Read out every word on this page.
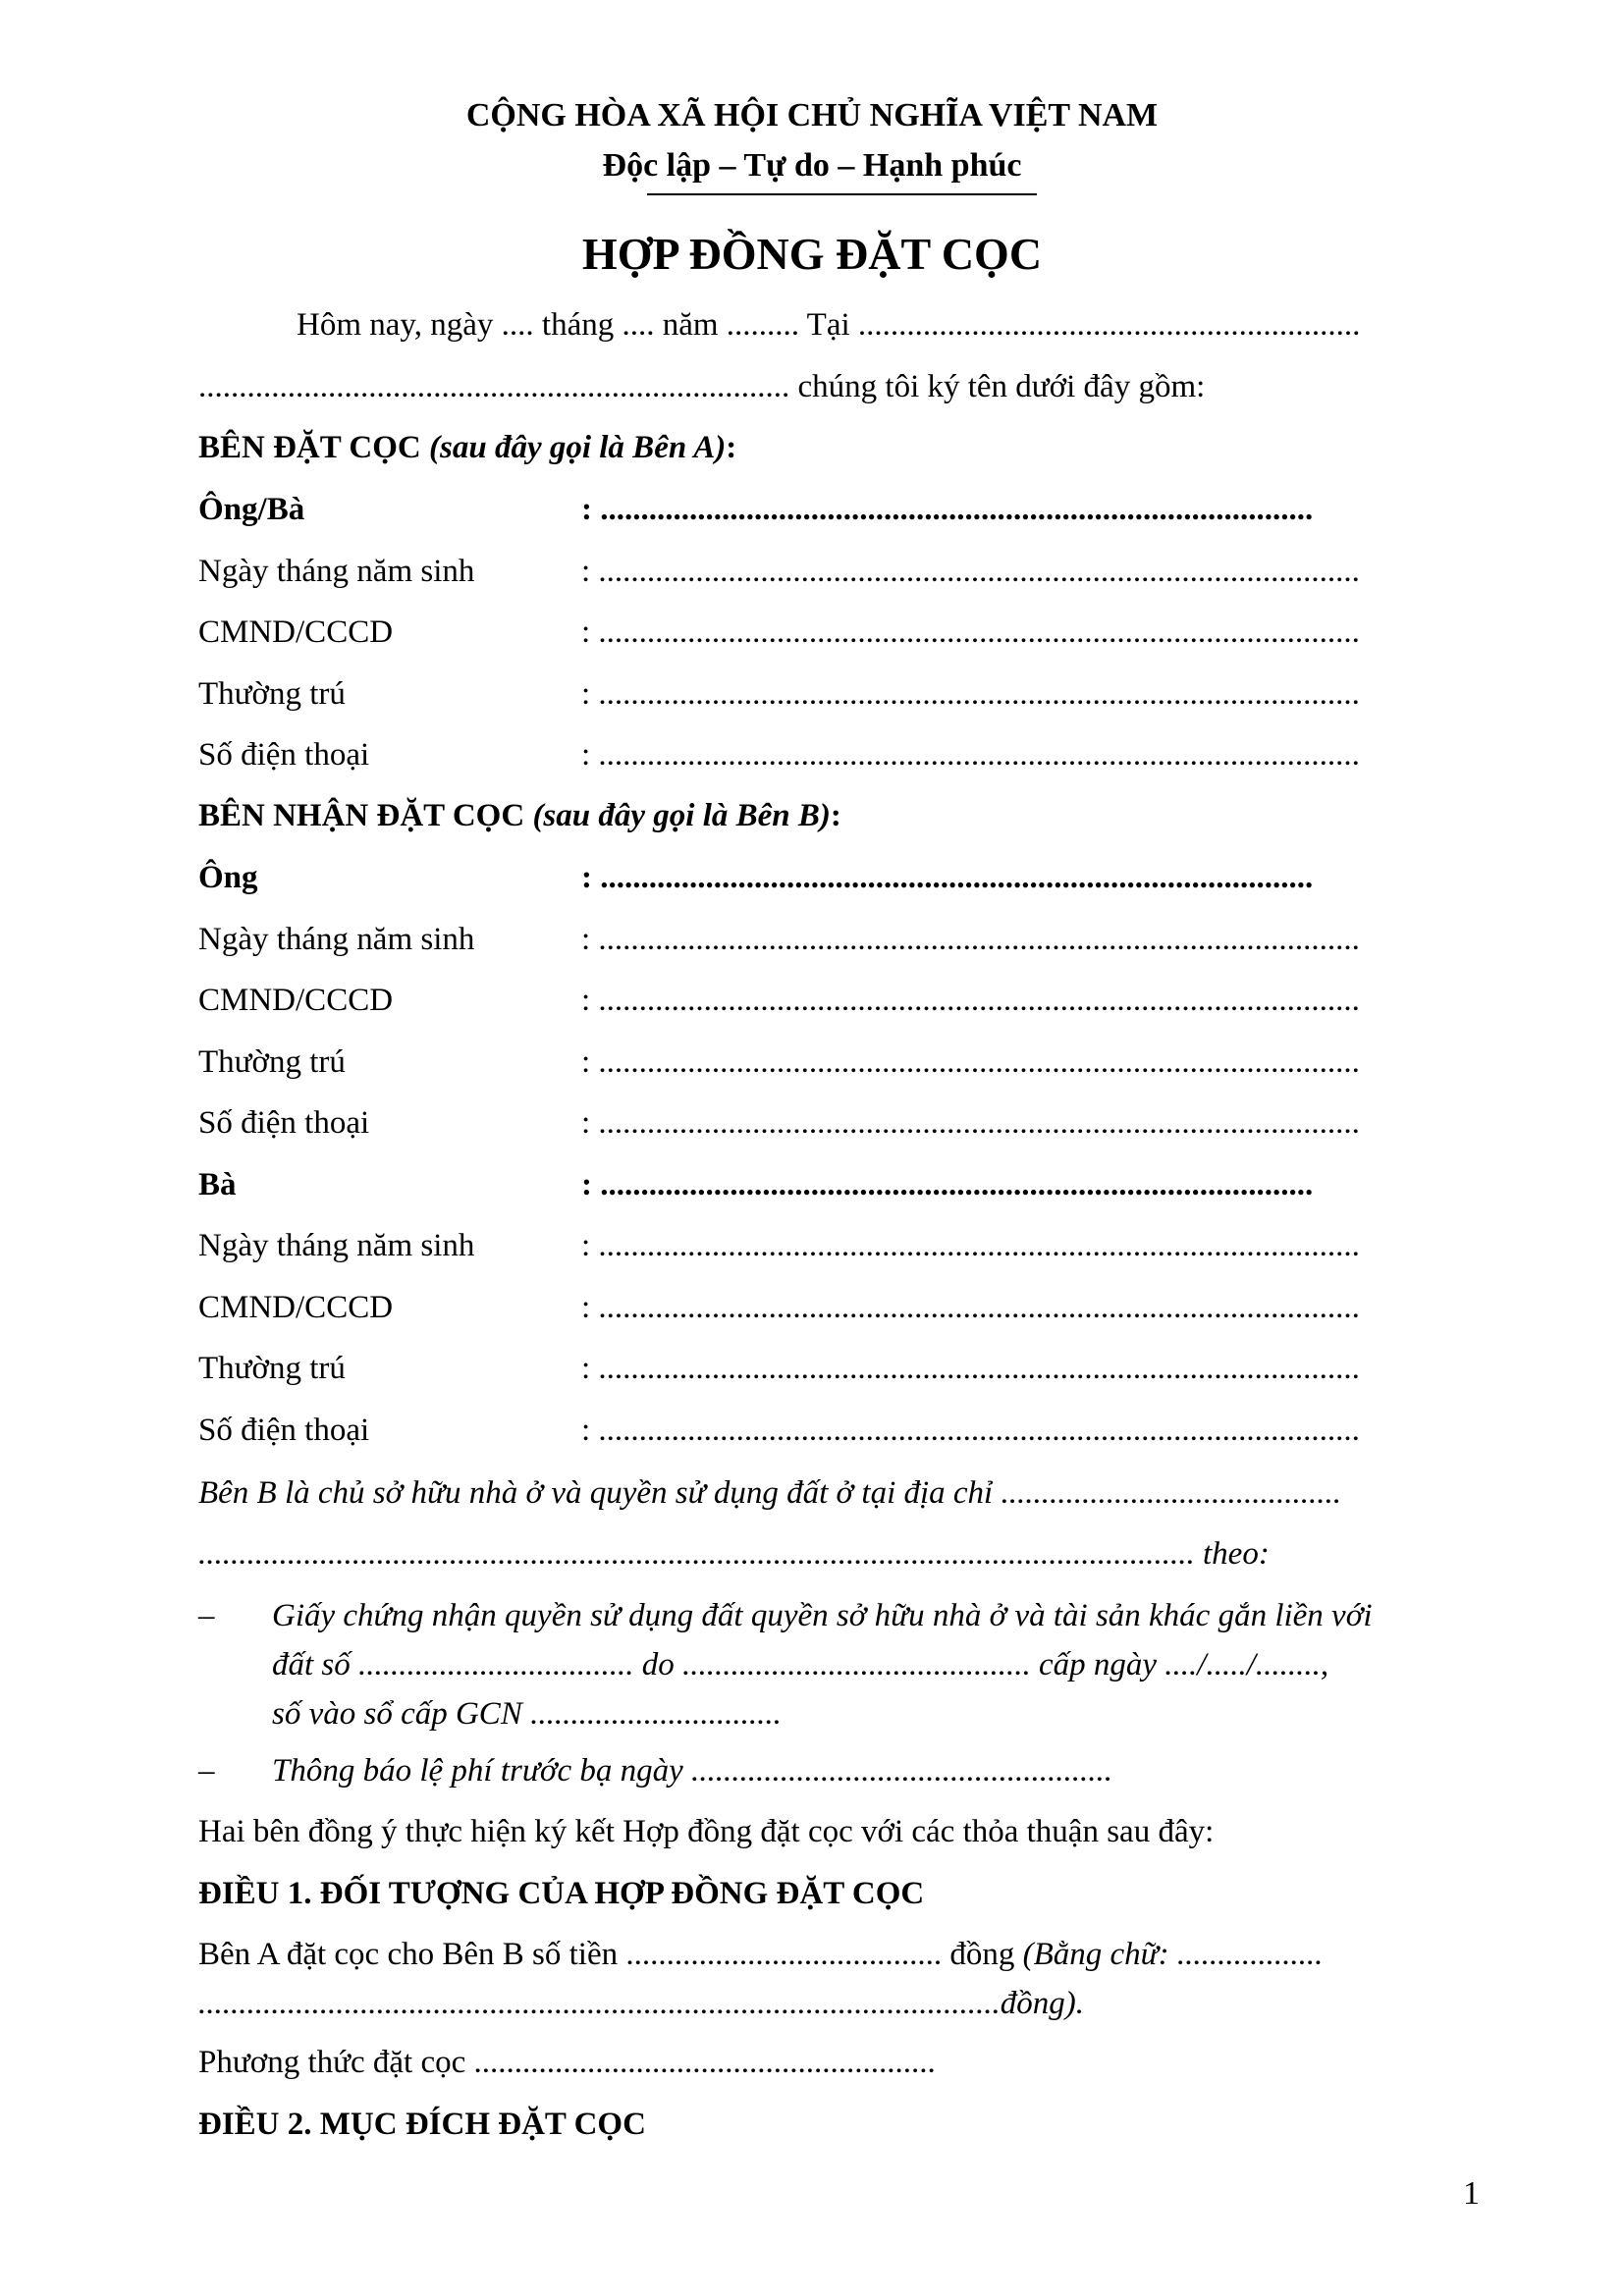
CỘNG HÒA XÃ HỘI CHỦ NGHĨA VIỆT NAM
Độc lập – Tự do – Hạnh phúc
HỢP ĐỒNG ĐẶT CỌC
Hôm nay, ngày .... tháng .... năm ......... Tại ..............................................................
......................................................................... chúng tôi ký tên dưới đây gồm:
BÊN ĐẶT CỌC (sau đây gọi là Bên A):
Ông/Bà	: ........................................................................................
Ngày tháng năm sinh	: ..............................................................................................
CMND/CCCD	: ..............................................................................................
Thường trú	: ..............................................................................................
Số điện thoại	: ..............................................................................................
BÊN NHẬN ĐẶT CỌC (sau đây gọi là Bên B):
Ông	: ........................................................................................
Ngày tháng năm sinh	: ..............................................................................................
CMND/CCCD	: ..............................................................................................
Thường trú	: ..............................................................................................
Số điện thoại	: ..............................................................................................
Bà	: ........................................................................................
Ngày tháng năm sinh	: ..............................................................................................
CMND/CCCD	: ..............................................................................................
Thường trú	: ..............................................................................................
Số điện thoại	: ..............................................................................................
Bên B là chủ sở hữu nhà ở và quyền sử dụng đất ở tại địa chỉ ..........................................
........................................................................................................................... theo:
– Giấy chứng nhận quyền sử dụng đất quyền sở hữu nhà ở và tài sản khác gắn liền với
đất số .................................. do ........................................... cấp ngày ..../...../........,
số vào sổ cấp GCN ...............................
– Thông báo lệ phí trước bạ ngày ....................................................
Hai bên đồng ý thực hiện ký kết Hợp đồng đặt cọc với các thỏa thuận sau đây:
ĐIỀU 1. ĐỐI TƯỢNG CỦA HỢP ĐỒNG ĐẶT CỌC
Bên A đặt cọc cho Bên B số tiền ....................................... đồng (Bằng chữ: ..................
...................................................................................................đồng).
Phương thức đặt cọc .........................................................
ĐIỀU 2. MỤC ĐÍCH ĐẶT CỌC
1
